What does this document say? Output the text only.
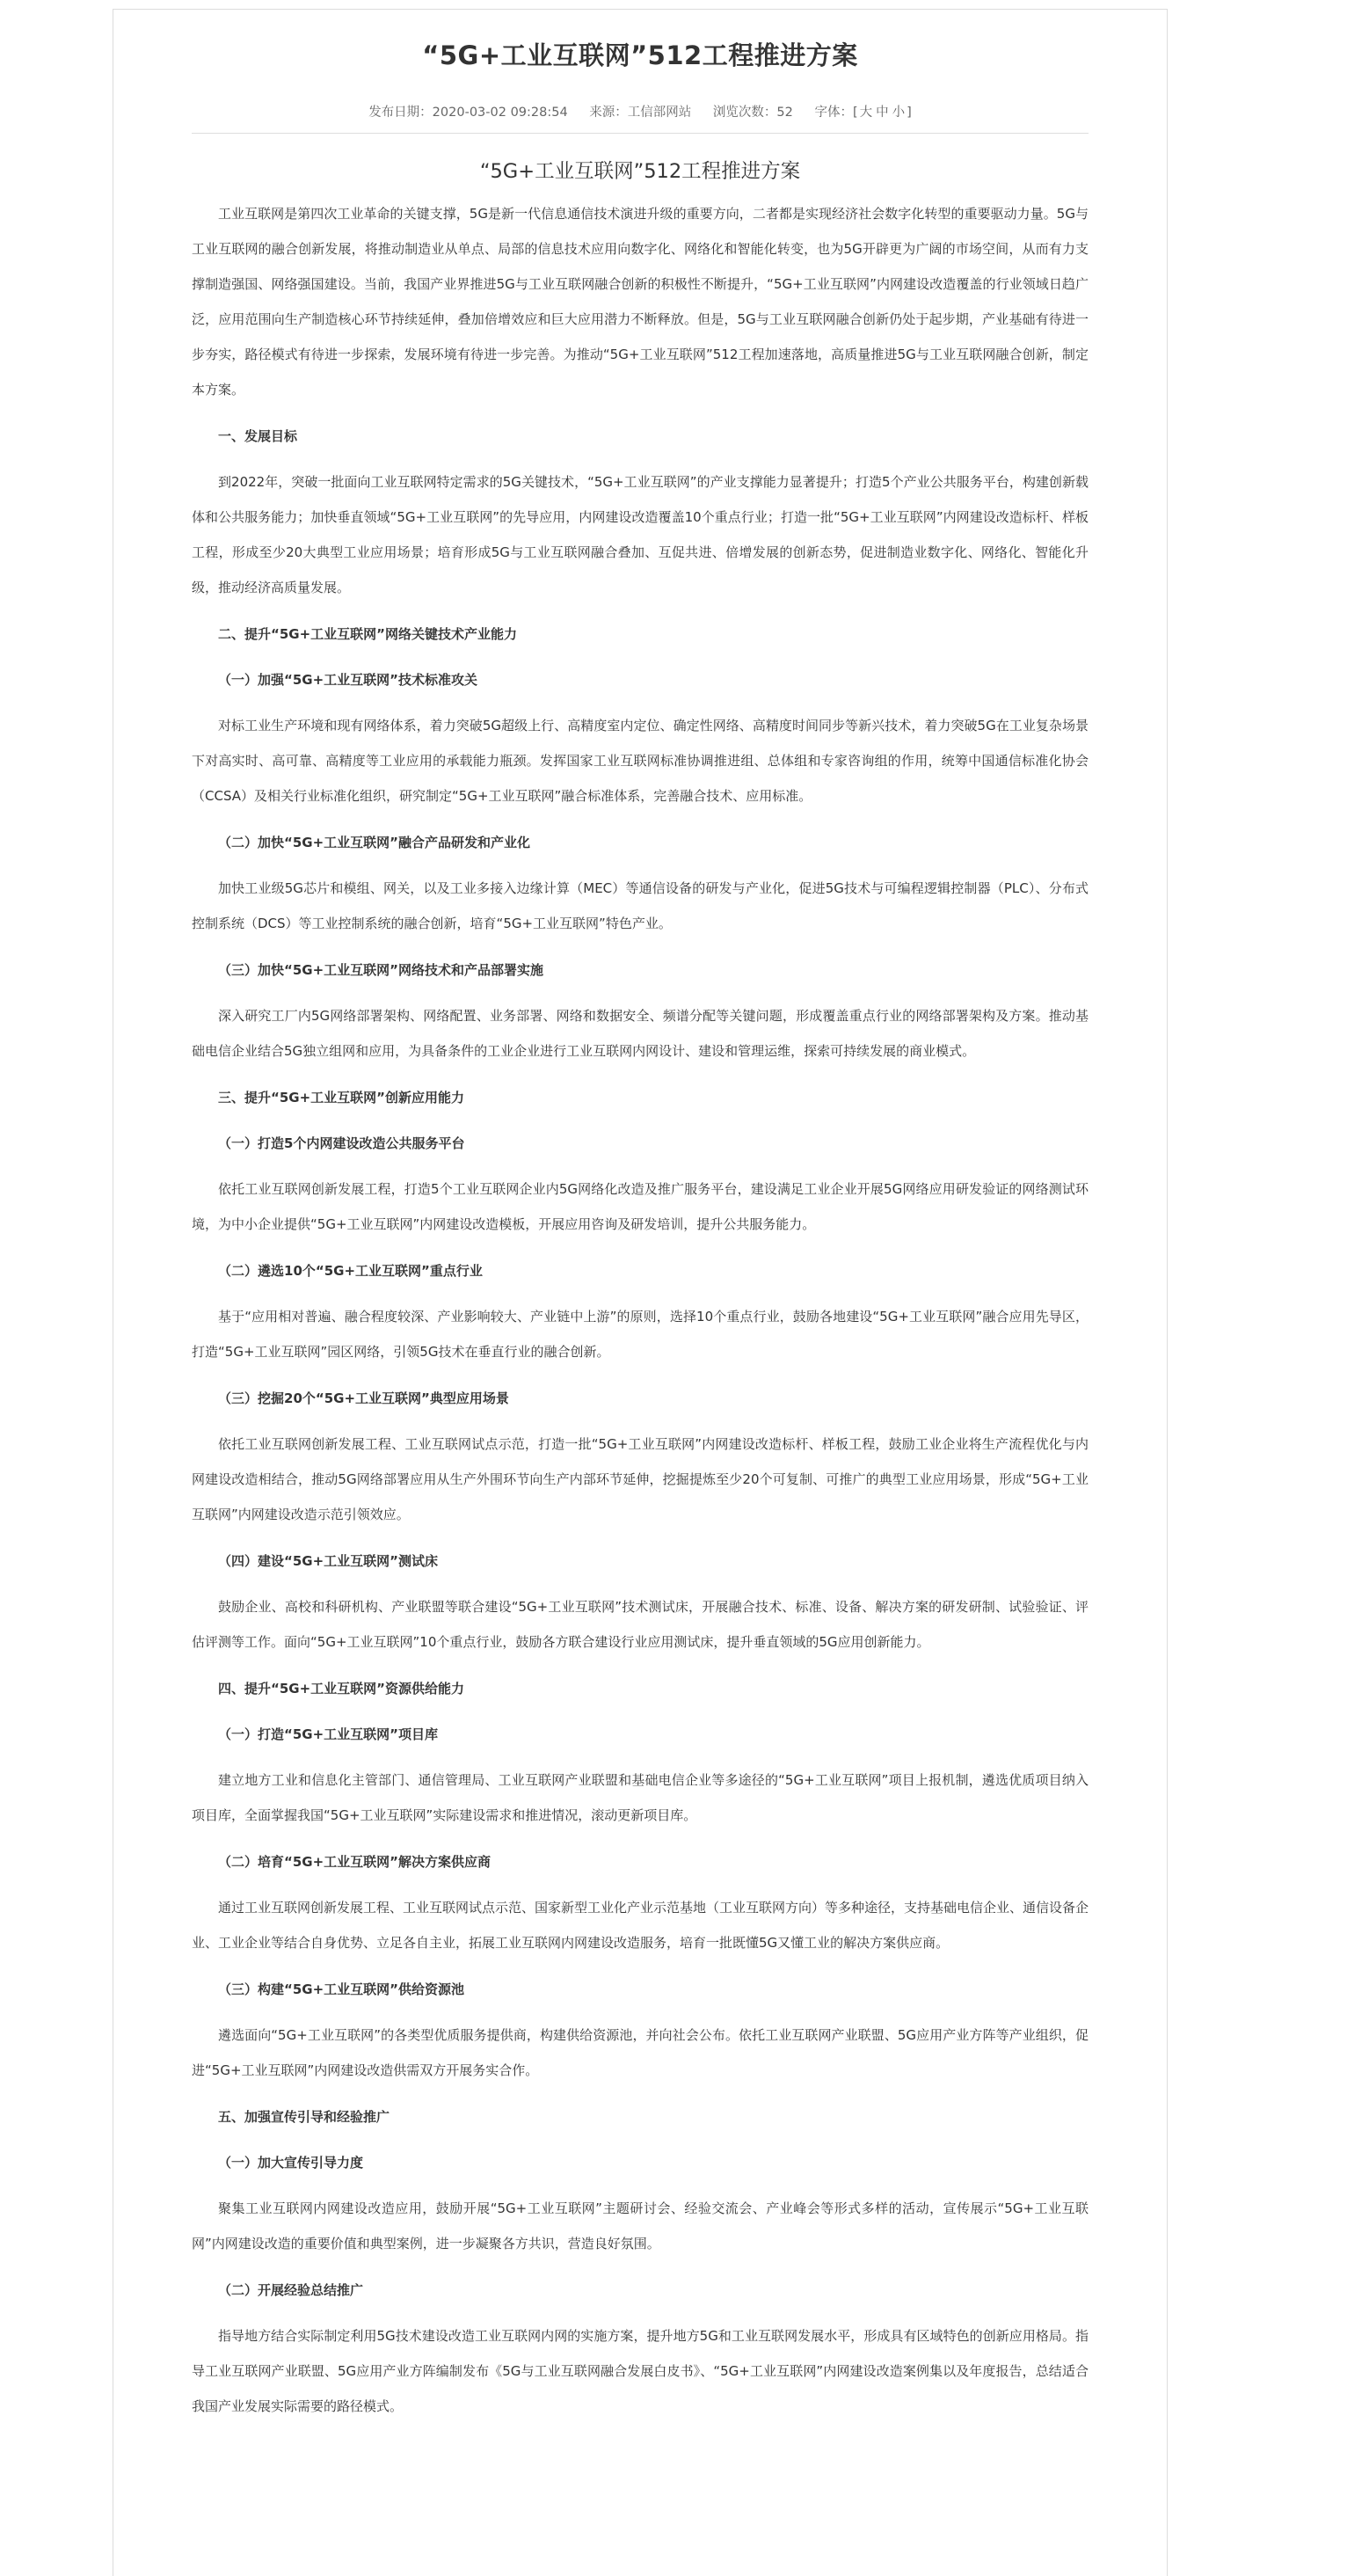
“5G+工业互联网”512工程推进方案
发布日期：2020-03-02 09:28:54 来源：工信部网站 浏览次数：52 字体：[ 大 中 小 ]
“5G+工业互联网”512工程推进方案

工业互联网是第四次工业革命的关键支撑，5G是新一代信息通信技术演进升级的重要方向，二者都是实现经济社会数字化转型的重要驱动力量。5G与工业互联网的融合创新发展，将推动制造业从单点、局部的信息技术应用向数字化、网络化和智能化转变，也为5G开辟更为广阔的市场空间，从而有力支撑制造强国、网络强国建设。当前，我国产业界推进5G与工业互联网融合创新的积极性不断提升，“5G+工业互联网”内网建设改造覆盖的行业领域日趋广泛，应用范围向生产制造核心环节持续延伸，叠加倍增效应和巨大应用潜力不断释放。但是，5G与工业互联网融合创新仍处于起步期，产业基础有待进一步夯实，路径模式有待进一步探索，发展环境有待进一步完善。为推动“5G+工业互联网”512工程加速落地，高质量推进5G与工业互联网融合创新，制定本方案。

一、发展目标

到2022年，突破一批面向工业互联网特定需求的5G关键技术，“5G+工业互联网”的产业支撑能力显著提升；打造5个产业公共服务平台，构建创新载体和公共服务能力；加快垂直领域“5G+工业互联网”的先导应用，内网建设改造覆盖10个重点行业；打造一批“5G+工业互联网”内网建设改造标杆、样板工程，形成至少20大典型工业应用场景；培育形成5G与工业互联网融合叠加、互促共进、倍增发展的创新态势，促进制造业数字化、网络化、智能化升级，推动经济高质量发展。

二、提升“5G+工业互联网”网络关键技术产业能力

（一）加强“5G+工业互联网”技术标准攻关

对标工业生产环境和现有网络体系，着力突破5G超级上行、高精度室内定位、确定性网络、高精度时间同步等新兴技术，着力突破5G在工业复杂场景下对高实时、高可靠、高精度等工业应用的承载能力瓶颈。发挥国家工业互联网标准协调推进组、总体组和专家咨询组的作用，统筹中国通信标准化协会（CCSA）及相关行业标准化组织，研究制定“5G+工业互联网”融合标准体系，完善融合技术、应用标准。

（二）加快“5G+工业互联网”融合产品研发和产业化

加快工业级5G芯片和模组、网关，以及工业多接入边缘计算（MEC）等通信设备的研发与产业化，促进5G技术与可编程逻辑控制器（PLC）、分布式控制系统（DCS）等工业控制系统的融合创新，培育“5G+工业互联网”特色产业。

（三）加快“5G+工业互联网”网络技术和产品部署实施

深入研究工厂内5G网络部署架构、网络配置、业务部署、网络和数据安全、频谱分配等关键问题，形成覆盖重点行业的网络部署架构及方案。推动基础电信企业结合5G独立组网和应用，为具备条件的工业企业进行工业互联网内网设计、建设和管理运维，探索可持续发展的商业模式。

三、提升“5G+工业互联网”创新应用能力

（一）打造5个内网建设改造公共服务平台

依托工业互联网创新发展工程，打造5个工业互联网企业内5G网络化改造及推广服务平台，建设满足工业企业开展5G网络应用研发验证的网络测试环境，为中小企业提供“5G+工业互联网”内网建设改造模板，开展应用咨询及研发培训，提升公共服务能力。

（二）遴选10个“5G+工业互联网”重点行业

基于“应用相对普遍、融合程度较深、产业影响较大、产业链中上游”的原则，选择10个重点行业，鼓励各地建设“5G+工业互联网”融合应用先导区，打造“5G+工业互联网”园区网络，引领5G技术在垂直行业的融合创新。

（三）挖掘20个“5G+工业互联网”典型应用场景

依托工业互联网创新发展工程、工业互联网试点示范，打造一批“5G+工业互联网”内网建设改造标杆、样板工程，鼓励工业企业将生产流程优化与内网建设改造相结合，推动5G网络部署应用从生产外围环节向生产内部环节延伸，挖掘提炼至少20个可复制、可推广的典型工业应用场景，形成“5G+工业互联网”内网建设改造示范引领效应。

（四）建设“5G+工业互联网”测试床

鼓励企业、高校和科研机构、产业联盟等联合建设“5G+工业互联网”技术测试床，开展融合技术、标准、设备、解决方案的研发研制、试验验证、评估评测等工作。面向“5G+工业互联网”10个重点行业，鼓励各方联合建设行业应用测试床，提升垂直领域的5G应用创新能力。

四、提升“5G+工业互联网”资源供给能力

（一）打造“5G+工业互联网”项目库

建立地方工业和信息化主管部门、通信管理局、工业互联网产业联盟和基础电信企业等多途径的“5G+工业互联网”项目上报机制，遴选优质项目纳入项目库，全面掌握我国“5G+工业互联网”实际建设需求和推进情况，滚动更新项目库。

（二）培育“5G+工业互联网”解决方案供应商

通过工业互联网创新发展工程、工业互联网试点示范、国家新型工业化产业示范基地（工业互联网方向）等多种途径，支持基础电信企业、通信设备企业、工业企业等结合自身优势、立足各自主业，拓展工业互联网内网建设改造服务，培育一批既懂5G又懂工业的解决方案供应商。

（三）构建“5G+工业互联网”供给资源池

遴选面向“5G+工业互联网”的各类型优质服务提供商，构建供给资源池，并向社会公布。依托工业互联网产业联盟、5G应用产业方阵等产业组织，促进“5G+工业互联网”内网建设改造供需双方开展务实合作。

五、加强宣传引导和经验推广

（一）加大宣传引导力度

聚集工业互联网内网建设改造应用，鼓励开展“5G+工业互联网”主题研讨会、经验交流会、产业峰会等形式多样的活动，宣传展示“5G+工业互联网”内网建设改造的重要价值和典型案例，进一步凝聚各方共识，营造良好氛围。

（二）开展经验总结推广

指导地方结合实际制定利用5G技术建设改造工业互联网内网的实施方案，提升地方5G和工业互联网发展水平，形成具有区域特色的创新应用格局。指导工业互联网产业联盟、5G应用产业方阵编制发布《5G与工业互联网融合发展白皮书》、“5G+工业互联网”内网建设改造案例集以及年度报告，总结适合我国产业发展实际需要的路径模式。
